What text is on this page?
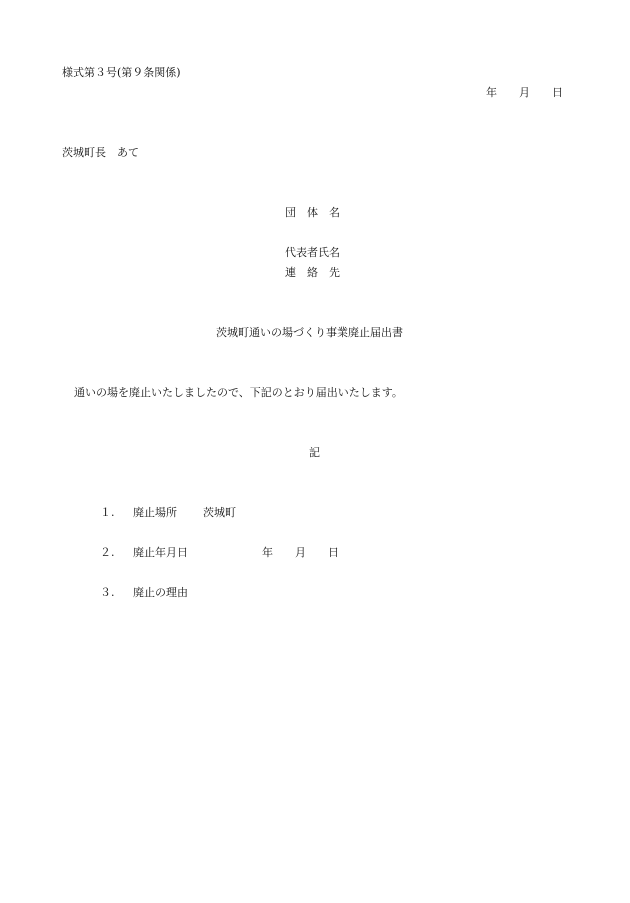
様式第３号(第９条関係)
年　　月　　日
茨城町長　あて
団　体　名
代表者氏名
連　絡　先
茨城町通いの場づくり事業廃止届出書
通いの場を廃止いたしましたので、下記のとおり届出いたします。
記

１.

廃止場所

茨城町

２.

廃止年月日

	年　　月　　日

３.

廃止の理由
